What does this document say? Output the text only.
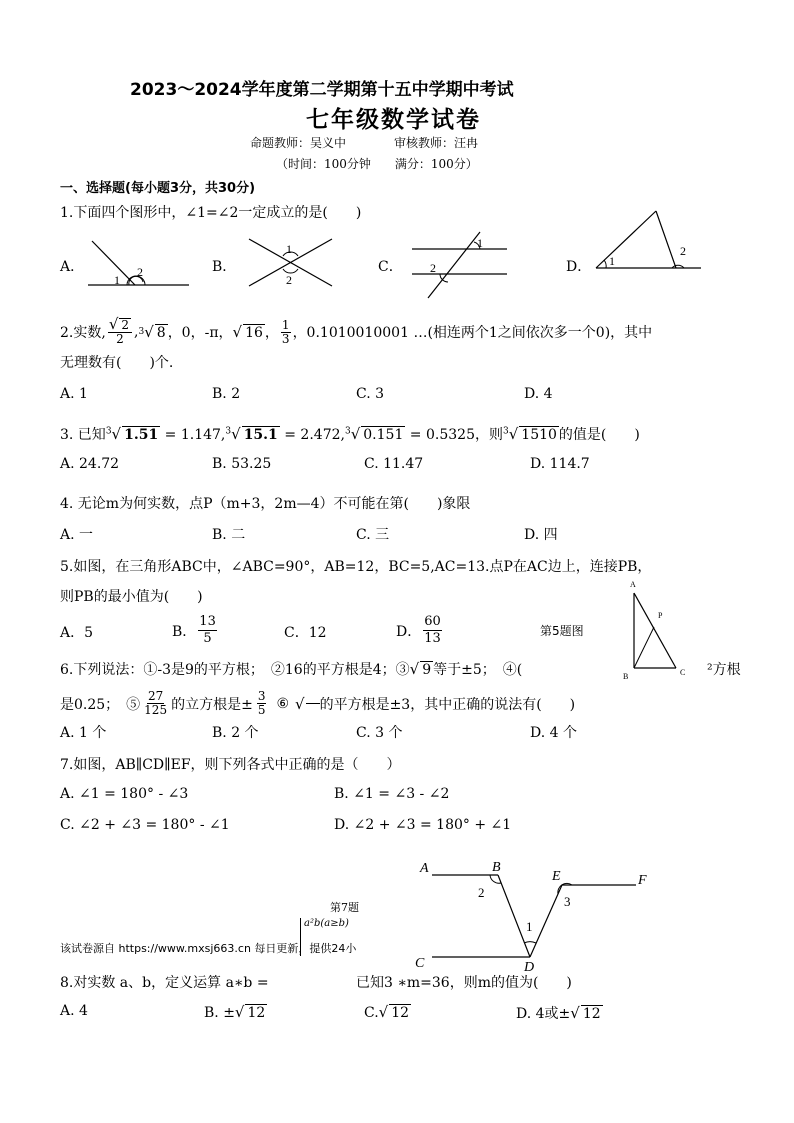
2023～2024学年度第二学期第十五中学期中考试
七年级数学试卷
命题教师：吴义中　　　　审核教师：汪冉
（时间：100分钟　　满分：100分）
一、选择题(每小题3分，共30分)
1.下面四个图形中，∠1=∠2一定成立的是(　　)
A．	B．	C．	D．
1
2
1
2
1
2	1
2
2.实数, $\frac{√ 2}{2}$ , 3 √ 8 ，0，-π， √ 16 ， $\frac{1}{3}$ ，0.1010010001 …(相连两个1之间依次多一个0)，其中
无理数有(　　)个.
A. 1	B. 2	C. 3	D. 4
3. 已知$^3$√ 1.51 = 1.147,$^3$√ 15.1 = 2.472,$^3$√ 0.151 = 0.5325，则$^3$√ 1510 的值是(　　)
A. 24.72	B. 53.25	C. 11.47	D. 114.7
4. 无论m为何实数，点P（m+3，2m—4）不可能在第(　　)象限
A. 一	B. 二	C. 三	D. 四
5.如图，在三角形ABC中，∠ABC=90°，AB=12，BC=5,AC=13.点P在AC边上，连接PB，
则PB的最小值为(　　)
A．5	B． $\frac{13}{5}$	C．12	D． $\frac{60}{13}$	第5题图
A
P
B	C
6.下列说法：①-3是9的平方根；　②16的平方根是4；③√ 9 等于±5；　④(	²方根
是0.25；　⑤ $\frac{27}{125}$ 的立方根是± $\frac{3}{5}$ ⑥ √ 的平方根是±3，其中正确的说法有(　　)
A. 1 个	B. 2 个	C. 3 个	D. 4 个
7.如图，AB∥CD∥EF，则下列各式中正确的是（　　）
A. ∠1 = 180° - ∠3	B. ∠1 = ∠3 - ∠2
C. ∠2 + ∠3 = 180° - ∠1	D. ∠2 + ∠3 = 180° + ∠1
第7题
A	B
C	D
E	F
1
2
3
该试卷源自 https://www.mxsj663.cn 每日更新，提供24小
a²b(a≥b)
8.对实数 a、b，定义运算 a∗b =	已知3 ∗m=36，则m的值为(　　)
A. 4	B. ±√ 12	C.√ 12	D. 4或±√ 12
